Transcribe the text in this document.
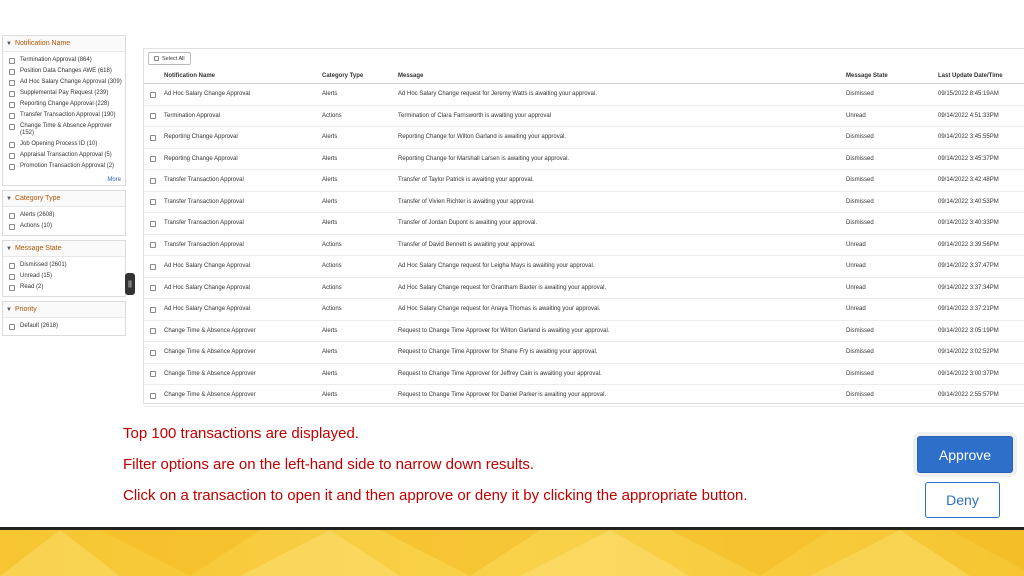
▼ Notification Name
Termination Approval (864)
Position Data Changes AWE (618)
Ad Hoc Salary Change Approval (309)
Supplemental Pay Request (239)
Reporting Change Approval (228)
Transfer Transaction Approval (190)
Change Time & Absence Approver (152)
Job Opening Process ID (10)
Appraisal Transaction Approval (5)
Promotion Transaction Approval (2)
More
▼ Category Type
Alerts (2608)
Actions (10)
▼ Message State
Dismissed (2601)
Unread (15)
Read (2)
▼ Priority
Default (2618)
||
Select All
Notification Name	Category Type	Message	Message State	Last Update Date/Time
Ad Hoc Salary Change Approval	Alerts	Ad Hoc Salary Change request for Jeremy Watts is awaiting your approval.	Dismissed	09/15/2022 8:45:19AM
Termination Approval	Actions	Termination of Clara Farnsworth is awaiting your approval	Unread	09/14/2022 4:51:33PM
Reporting Change Approval	Alerts	Reporting Change for Wilton Garland is awaiting your approval.	Dismissed	09/14/2022 3:45:55PM
Reporting Change Approval	Alerts	Reporting Change for Marshall Larsen is awaiting your approval.	Dismissed	09/14/2022 3:45:37PM
Transfer Transaction Approval	Alerts	Transfer of Taylor Patrick is awaiting your approval.	Dismissed	09/14/2022 3:42:48PM
Transfer Transaction Approval	Alerts	Transfer of Vivien Richter is awaiting your approval.	Dismissed	09/14/2022 3:40:53PM
Transfer Transaction Approval	Alerts	Transfer of Jordan Dupont is awaiting your approval.	Dismissed	09/14/2022 3:40:33PM
Transfer Transaction Approval	Actions	Transfer of David Bennett is awaiting your approval.	Unread	09/14/2022 3:39:56PM
Ad Hoc Salary Change Approval	Actions	Ad Hoc Salary Change request for Leigha Mays is awaiting your approval.	Unread	09/14/2022 3:37:47PM
Ad Hoc Salary Change Approval	Actions	Ad Hoc Salary Change request for Grantham Baxter is awaiting your approval.	Unread	09/14/2022 3:37:34PM
Ad Hoc Salary Change Approval	Actions	Ad Hoc Salary Change request for Anaya Thomas is awaiting your approval.	Unread	09/14/2022 3:37:21PM
Change Time & Absence Approver	Alerts	Request to Change Time Approver for Wilton Garland is awaiting your approval.	Dismissed	09/14/2022 3:05:19PM
Change Time & Absence Approver	Alerts	Request to Change Time Approver for Shane Fry is awaiting your approval.	Dismissed	09/14/2022 3:02:52PM
Change Time & Absence Approver	Alerts	Request to Change Time Approver for Jeffrey Cain is awaiting your approval.	Dismissed	09/14/2022 3:00:37PM
Change Time & Absence Approver	Alerts	Request to Change Time Approver for Daniel Parker is awaiting your approval.	Dismissed	09/14/2022 2:55:57PM
Top 100 transactions are displayed.
Filter options are on the left-hand side to narrow down results.
Click on a transaction to open it and then approve or deny it by clicking the appropriate button.
Approve
Deny
